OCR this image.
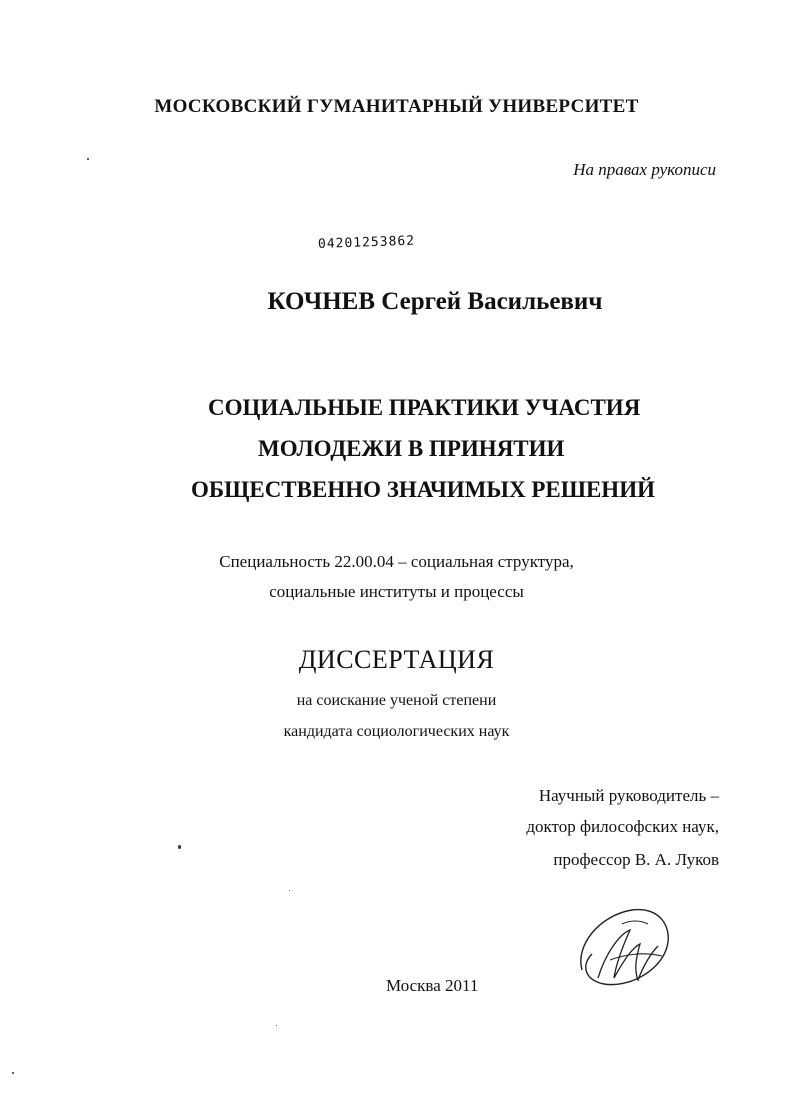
МОСКОВСКИЙ ГУМАНИТАРНЫЙ УНИВЕРСИТЕТ
На правах рукописи
04201253862
КОЧНЕВ Сергей Васильевич
СОЦИАЛЬНЫЕ ПРАКТИКИ УЧАСТИЯ
МОЛОДЕЖИ В ПРИНЯТИИ
ОБЩЕСТВЕННО ЗНАЧИМЫХ РЕШЕНИЙ
Специальность 22.00.04 – социальная структура,
социальные институты и процессы
ДИССЕРТАЦИЯ
на соискание ученой степени
кандидата социологических наук
Научный руководитель –
доктор философских наук,
профессор В. А. Луков
Москва 2011
